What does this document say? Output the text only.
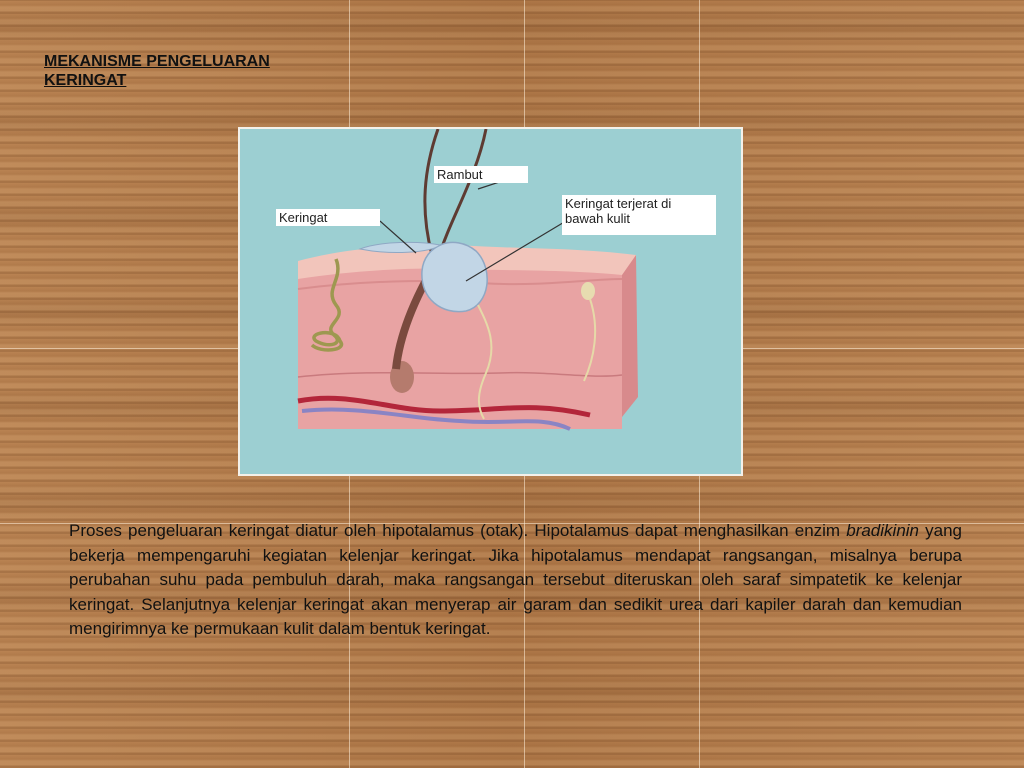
MEKANISME PENGELUARAN KERINGAT
Rambut
Keringat
Keringat terjerat di bawah kulit
Proses pengeluaran keringat diatur oleh hipotalamus (otak). Hipotalamus dapat menghasilkan enzim bradikinin yang bekerja mempengaruhi kegiatan kelenjar keringat. Jika hipotalamus mendapat rangsangan, misalnya berupa perubahan suhu pada pembuluh darah, maka rangsangan tersebut diteruskan oleh saraf simpatetik ke kelenjar keringat. Selanjutnya kelenjar keringat akan menyerap air garam dan sedikit urea dari kapiler darah dan kemudian mengirimnya ke permukaan kulit dalam bentuk keringat.
